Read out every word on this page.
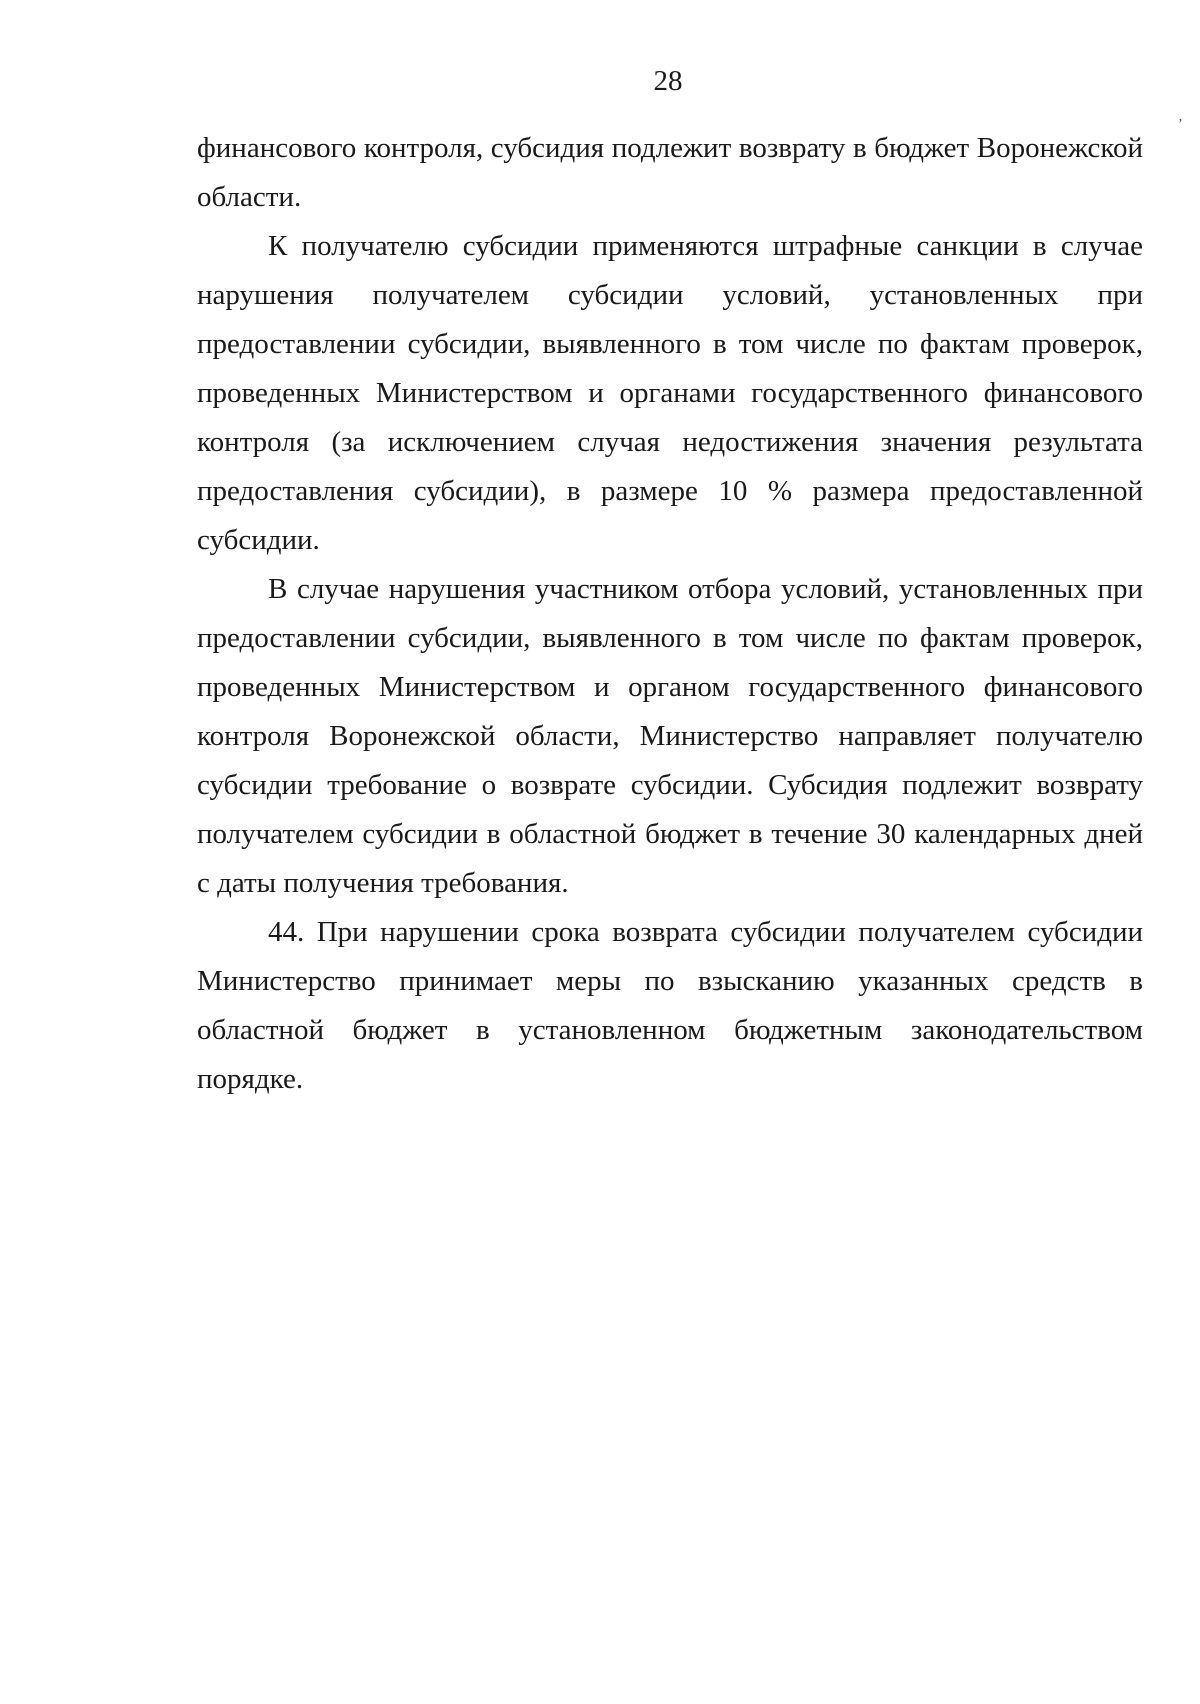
28
ʼ

финансового контроля, субсидия подлежит возврату в бюджет Воронежской области.

К получателю субсидии применяются штрафные санкции в случае нарушения получателем субсидии условий, установленных при предоставлении субсидии, выявленного в том числе по фактам проверок, проведенных Министерством и органами государственного финансового контроля (за исключением случая недостижения значения результата предоставления субсидии), в размере 10 % размера предоставленной субсидии.

В случае нарушения участником отбора условий, установленных при предоставлении субсидии, выявленного в том числе по фактам проверок, проведенных Министерством и органом государственного финансового контроля Воронежской области, Министерство направляет получателю субсидии требование о возврате субсидии. Субсидия подлежит возврату получателем субсидии в областной бюджет в течение 30 календарных дней с даты получения требования.

44. При нарушении срока возврата субсидии получателем субсидии Министерство принимает меры по взысканию указанных средств в областной бюджет в установленном бюджетным законодательством порядке.
